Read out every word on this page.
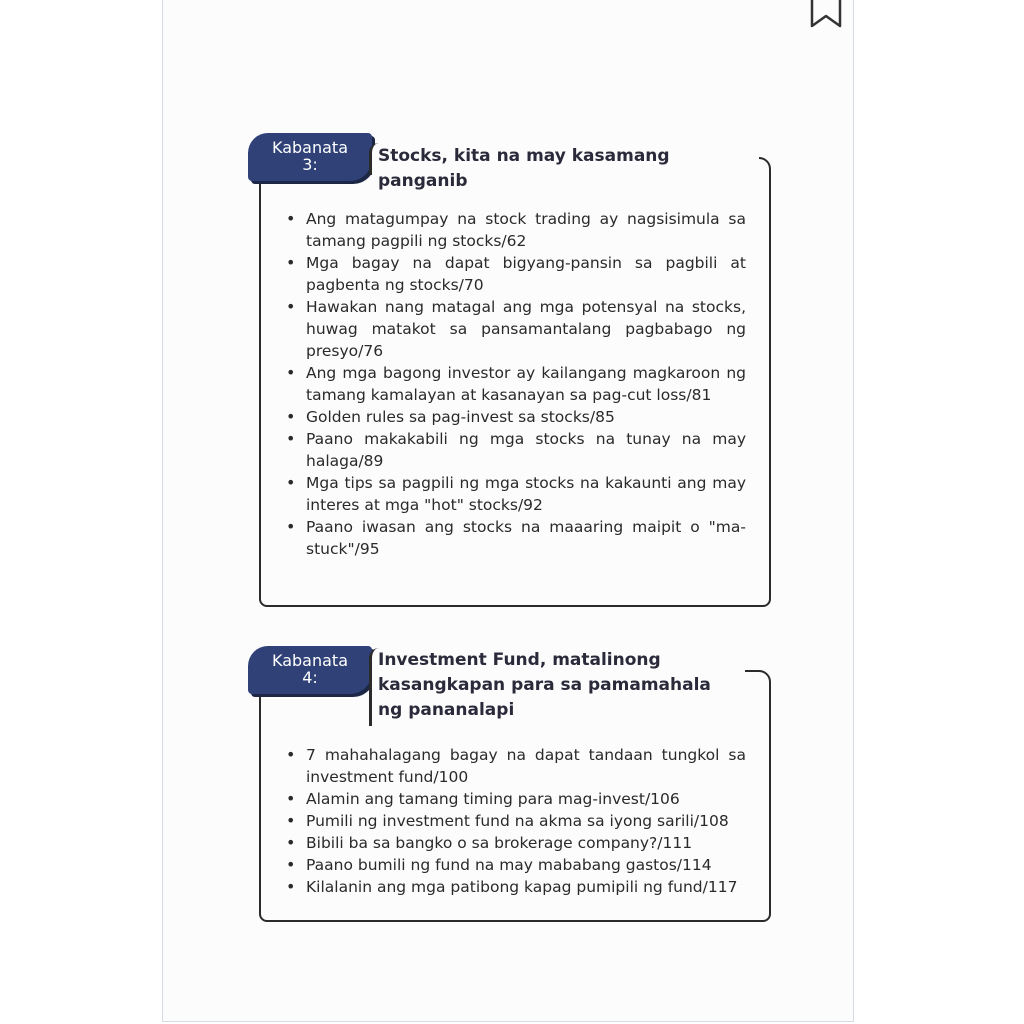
Kabanata
3:	Stocks, kita na may kasamang panganib
• Ang matagumpay na stock trading ay nagsisimula sa tamang pagpili ng stocks/62
• Mga bagay na dapat bigyang-pansin sa pagbili at pagbenta ng stocks/70
• Hawakan nang matagal ang mga potensyal na stocks, huwag matakot sa pansamantalang pagbabago ng presyo/76
• Ang mga bagong investor ay kailangang magkaroon ng tamang kamalayan at kasanayan sa pag-cut loss/81
• Golden rules sa pag-invest sa stocks/85
• Paano makakabili ng mga stocks na tunay na may halaga/89
• Mga tips sa pagpili ng mga stocks na kakaunti ang may interes at mga "hot" stocks/92
• Paano iwasan ang stocks na maaaring maipit o "ma-stuck"/95
Kabanata
4:
Investment Fund, matalinong kasangkapan para sa pamamahala ng pananalapi
• 7 mahahalagang bagay na dapat tandaan tungkol sa investment fund/100
• Alamin ang tamang timing para mag-invest/106
• Pumili ng investment fund na akma sa iyong sarili/108
• Bibili ba sa bangko o sa brokerage company?/111
• Paano bumili ng fund na may mababang gastos/114
• Kilalanin ang mga patibong kapag pumipili ng fund/117
